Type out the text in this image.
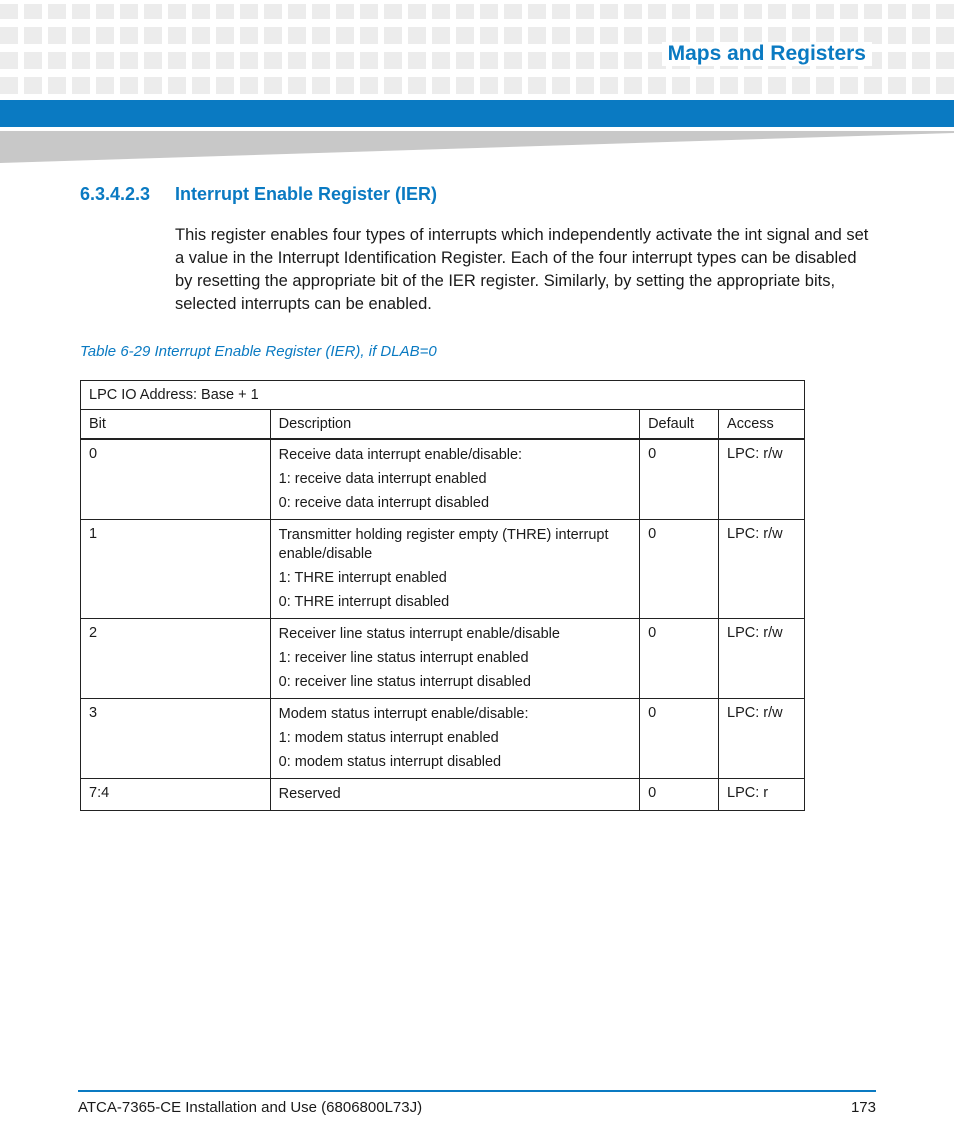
Maps and Registers
6.3.4.2.3 Interrupt Enable Register (IER)

This register enables four types of interrupts which independently activate the int signal and set a value in the Interrupt Identification Register. Each of the four interrupt types can be disabled by resetting the appropriate bit of the IER register. Similarly, by setting the appropriate bits, selected interrupts can be enabled.

Table 6-29 Interrupt Enable Register (IER), if DLAB=0
LPC IO Address: Base + 1			
Bit	Description	Default	Access
0	Receive data interrupt enable/disable:
1: receive data interrupt enabled
0: receive data interrupt disabled	0	LPC: r/w
1	Transmitter holding register empty (THRE) interrupt enable/disable
1: THRE interrupt enabled
0: THRE interrupt disabled	0	LPC: r/w
2	Receiver line status interrupt enable/disable
1: receiver line status interrupt enabled
0: receiver line status interrupt disabled	0	LPC: r/w
3	Modem status interrupt enable/disable:
1: modem status interrupt enabled
0: modem status interrupt disabled	0	LPC: r/w
7:4	Reserved	0	LPC: r
ATCA-7365-CE Installation and Use (6806800L73J)	173
